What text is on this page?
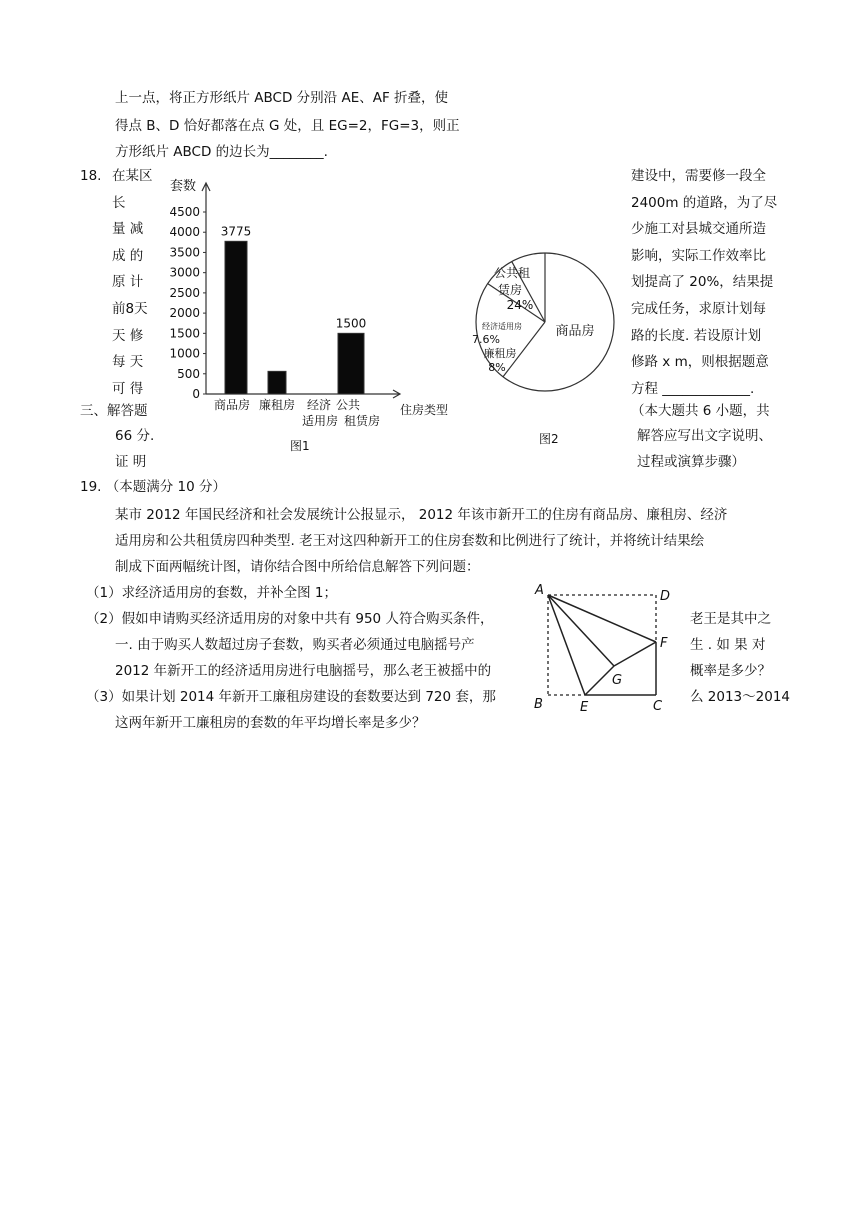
上一点，将正方形纸片 ABCD 分别沿 AE、AF 折叠，使
得点 B、D 恰好都落在点 G 处，且 EG=2，FG=3，则正
方形纸片 ABCD 的边长为________.
18. 在某区
长
量 减
成 的
原 计
前8天
天 修
每 天
可 得
建设中，需要修一段全
2400m 的道路，为了尽
少施工对县城交通所造
影响，实际工作效率比
划提高了 20%，结果提
完成任务，求原计划每
路的长度. 若设原计划
修路 x m，则根据题意
方程 _____________.
三、解答题
66 分.
证 明
（本大题共 6 小题，共
解答应写出文字说明、
过程或演算步骤）
套数
0
500
1000
1500
2000
2500
3000
3500
4000
4500
3775
1500
商品房 廉租房 经济
适用房
公共
租赁房
住房类型
图1
商品房
公共租
赁房
24%
经济适用房
7.6%
廉租房
8%
图2
19. （本题满分 10 分）
某市 2012 年国民经济和社会发展统计公报显示， 2012 年该市新开工的住房有商品房、廉租房、经济
适用房和公共租赁房四种类型. 老王对这四种新开工的住房套数和比例进行了统计，并将统计结果绘
制成下面两幅统计图，请你结合图中所给信息解答下列问题：
（1）求经济适用房的套数，并补全图 1；
（2）假如申请购买经济适用房的对象中共有 950 人符合购买条件，	老王是其中之
一. 由于购买人数超过房子套数，购买者必须通过电脑摇号产	生 . 如 果 对
2012 年新开工的经济适用房进行电脑摇号，那么老王被摇中的	概率是多少？
（3）如果计划 2014 年新开工廉租房建设的套数要达到 720 套，那	么 2013～2014
这两年新开工廉租房的套数的年平均增长率是多少？
A	D
F
G
B	E	C
